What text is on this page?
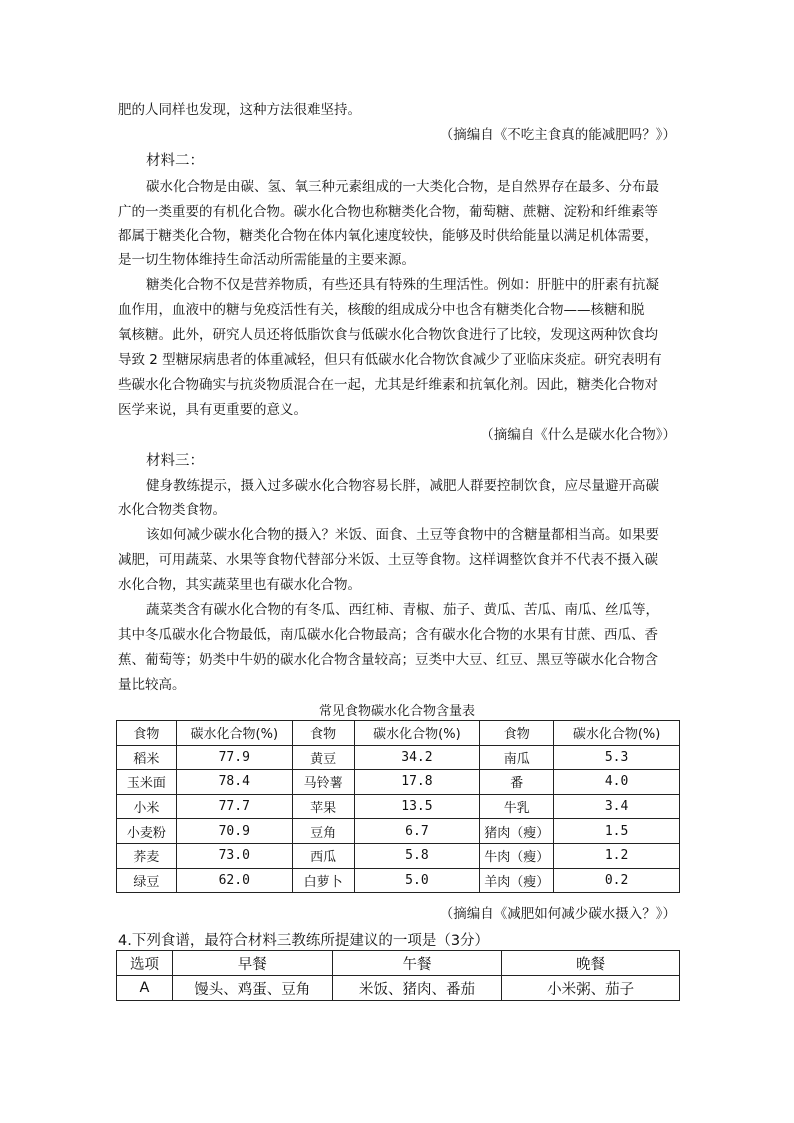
肥的人同样也发现，这种方法很难坚持。
（摘编自《不吃主食真的能减肥吗？》）
材料二：
碳水化合物是由碳、氢、氧三种元素组成的一大类化合物，是自然界存在最多、分布最
广的一类重要的有机化合物。碳水化合物也称糖类化合物，葡萄糖、蔗糖、淀粉和纤维素等
都属于糖类化合物，糖类化合物在体内氧化速度较快，能够及时供给能量以满足机体需要，
是一切生物体维持生命活动所需能量的主要来源。
糖类化合物不仅是营养物质，有些还具有特殊的生理活性。例如：肝脏中的肝素有抗凝
血作用，血液中的糖与免疫活性有关，核酸的组成成分中也含有糖类化合物——核糖和脱
氧核糖。此外，研究人员还将低脂饮食与低碳水化合物饮食进行了比较，发现这两种饮食均
导致 2 型糖尿病患者的体重减轻，但只有低碳水化合物饮食减少了亚临床炎症。研究表明有
些碳水化合物确实与抗炎物质混合在一起，尤其是纤维素和抗氧化剂。因此，糖类化合物对
医学来说，具有更重要的意义。
（摘编自《什么是碳水化合物》）
材料三：
健身教练提示，摄入过多碳水化合物容易长胖，减肥人群要控制饮食，应尽量避开高碳
水化合物类食物。
该如何减少碳水化合物的摄入？米饭、面食、土豆等食物中的含糖量都相当高。如果要
减肥，可用蔬菜、水果等食物代替部分米饭、土豆等食物。这样调整饮食并不代表不摄入碳
水化合物，其实蔬菜里也有碳水化合物。
蔬菜类含有碳水化合物的有冬瓜、西红柿、青椒、茄子、黄瓜、苦瓜、南瓜、丝瓜等，
其中冬瓜碳水化合物最低，南瓜碳水化合物最高；含有碳水化合物的水果有甘蔗、西瓜、香
蕉、葡萄等；奶类中牛奶的碳水化合物含量较高；豆类中大豆、红豆、黑豆等碳水化合物含
量比较高。
常见食物碳水化合物含量表
食物	碳水化合物(%)	食物	碳水化合物(%)	食物	碳水化合物(%)
稻米	77.9	黄豆	34.2	南瓜	5.3
玉米面	78.4	马铃薯	17.8	番	4.0
小米	77.7	苹果	13.5	牛乳	3.4
小麦粉	70.9	豆角	6.7	猪肉（瘦）	1.5
荞麦	73.0	西瓜	5.8	牛肉（瘦）	1.2
绿豆	62.0	白萝卜	5.0	羊肉（瘦）	0.2
（摘编自《减肥如何减少碳水摄入？》）
4.下列食谱，最符合材料三教练所提建议的一项是（3分）
选项	早餐	午餐	晚餐
A	馒头、鸡蛋、豆角	米饭、猪肉、番茄	小米粥、茄子
